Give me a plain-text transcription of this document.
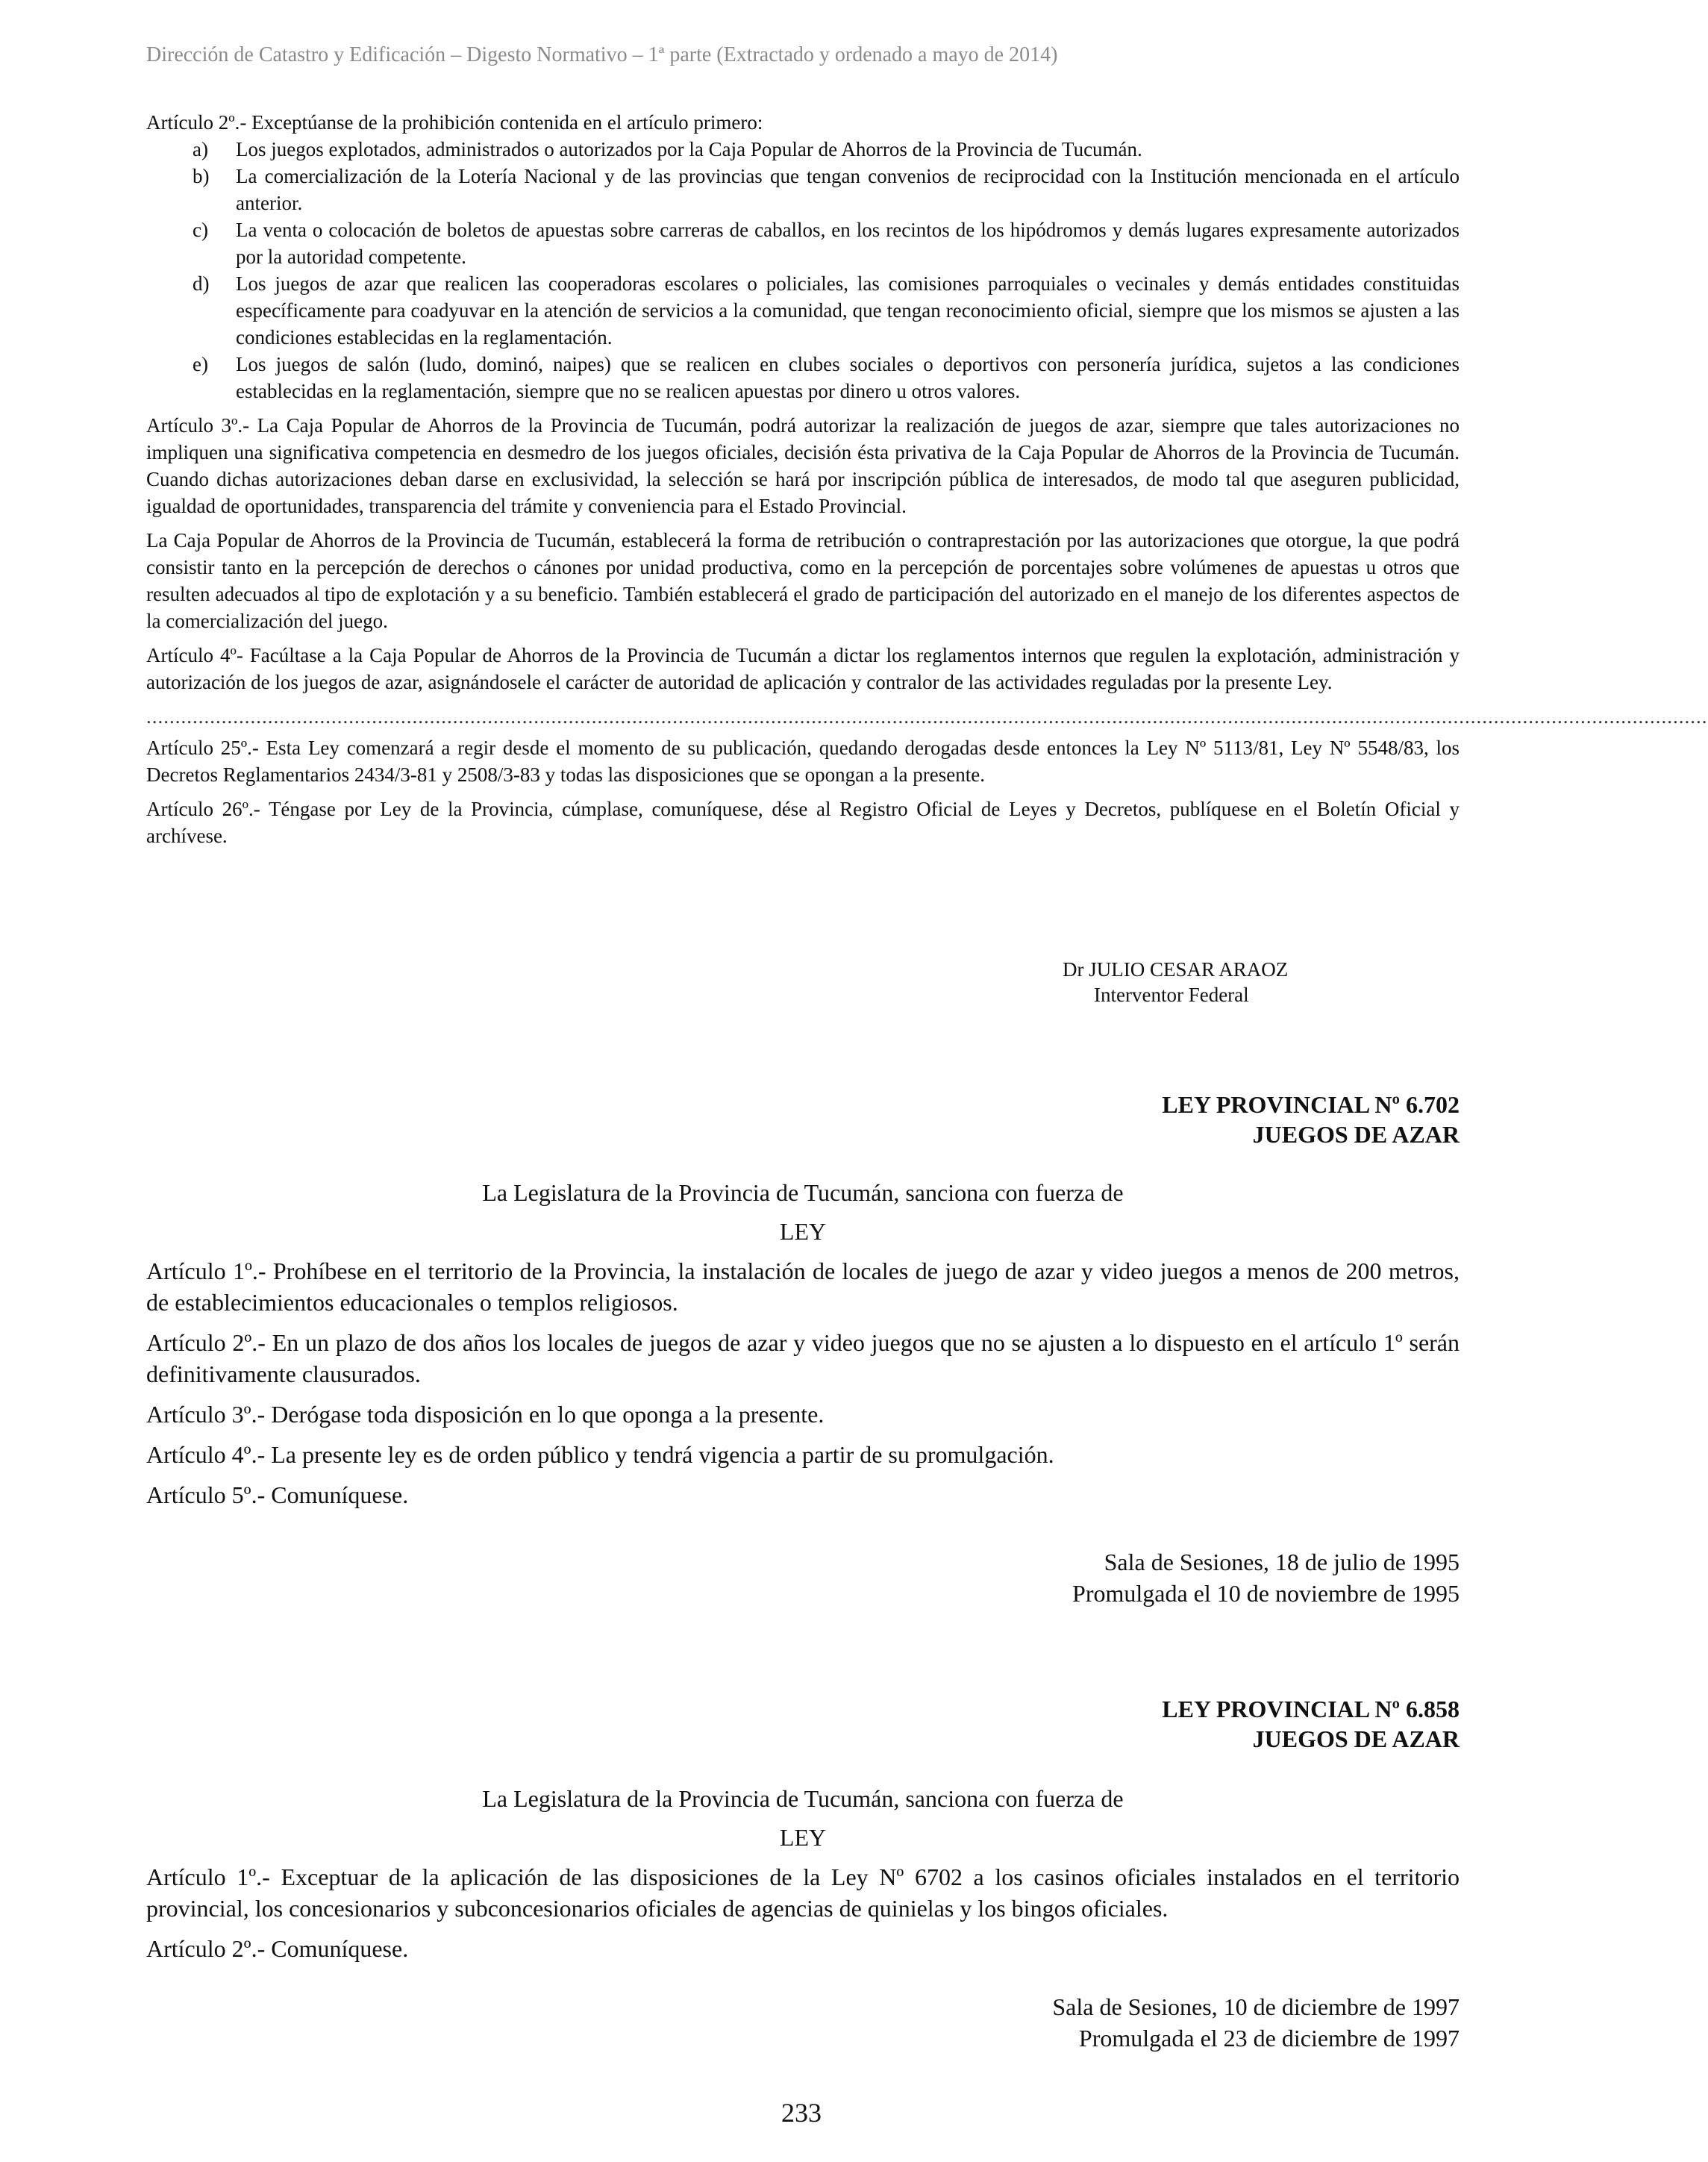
Dirección de Catastro y Edificación – Digesto Normativo – 1ª parte (Extractado y ordenado a mayo de 2014)

Artículo 2º.- Exceptúanse de la prohibición contenida en el artículo primero:

a)	Los juegos explotados, administrados o autorizados por la Caja Popular de Ahorros de la Provincia de Tucumán.
b)	La comercialización de la Lotería Nacional y de las provincias que tengan convenios de reciprocidad con la Institución mencionada en el artículo anterior.
c)	La venta o colocación de boletos de apuestas sobre carreras de caballos, en los recintos de los hipódromos y demás lugares expresamente autorizados por la autoridad competente.
d)	Los juegos de azar que realicen las cooperadoras escolares o policiales, las comisiones parroquiales o vecinales y demás entidades constituidas específicamente para coadyuvar en la atención de servicios a la comunidad, que tengan reconocimiento oficial, siempre que los mismos se ajusten a las condiciones establecidas en la reglamentación.
e)	Los juegos de salón (ludo, dominó, naipes) que se realicen en clubes sociales o deportivos con personería jurídica, sujetos a las condiciones establecidas en la reglamentación, siempre que no se realicen apuestas por dinero u otros valores.

Artículo 3º.- La Caja Popular de Ahorros de la Provincia de Tucumán, podrá autorizar la realización de juegos de azar, siempre que tales autorizaciones no impliquen una significativa competencia en desmedro de los juegos oficiales, decisión ésta privativa de la Caja Popular de Ahorros de la Provincia de Tucumán. Cuando dichas autorizaciones deban darse en exclusividad, la selección se hará por inscripción pública de interesados, de modo tal que aseguren publicidad, igualdad de oportunidades, transparencia del trámite y conveniencia para el Estado Provincial.

La Caja Popular de Ahorros de la Provincia de Tucumán, establecerá la forma de retribución o contraprestación por las autorizaciones que otorgue, la que podrá consistir tanto en la percepción de derechos o cánones por unidad productiva, como en la percepción de porcentajes sobre volúmenes de apuestas u otros que resulten adecuados al tipo de explotación y a su beneficio. También establecerá el grado de participación del autorizado en el manejo de los diferentes aspectos de la comercialización del juego.

Artículo 4º- Facúltase a la Caja Popular de Ahorros de la Provincia de Tucumán a dictar los reglamentos internos que regulen la explotación, administración y autorización de los juegos de azar, asignándosele el carácter de autoridad de aplicación y contralor de las actividades reguladas por la presente Ley.

..............................................................................................................................................................................................................................................................................

Artículo 25º.- Esta Ley comenzará a regir desde el momento de su publicación, quedando derogadas desde entonces la Ley Nº 5113/81, Ley Nº 5548/83, los Decretos Reglamentarios 2434/3-81 y 2508/3-83 y todas las disposiciones que se opongan a la presente.

Artículo 26º.- Téngase por Ley de la Provincia, cúmplase, comuníquese, dése al Registro Oficial de Leyes y Decretos, publíquese en el Boletín Oficial y archívese.

Dr JULIO CESAR ARAOZ
Interventor Federal
LEY PROVINCIAL Nº 6.702
JUEGOS DE AZAR
La Legislatura de la Provincia de Tucumán, sanciona con fuerza de
LEY

Artículo 1º.- Prohíbese en el territorio de la Provincia, la instalación de locales de juego de azar y video juegos a menos de 200 metros, de establecimientos educacionales o templos religiosos.

Artículo 2º.- En un plazo de dos años los locales de juegos de azar y video juegos que no se ajusten a lo dispuesto en el artículo 1º serán definitivamente clausurados.

Artículo 3º.- Derógase toda disposición en lo que oponga a la presente.

Artículo 4º.- La presente ley es de orden público y tendrá vigencia a partir de su promulgación.

Artículo 5º.- Comuníquese.

Sala de Sesiones, 18 de julio de 1995
Promulgada el 10 de noviembre de 1995
LEY PROVINCIAL Nº 6.858
JUEGOS DE AZAR
La Legislatura de la Provincia de Tucumán, sanciona con fuerza de
LEY

Artículo 1º.- Exceptuar de la aplicación de las disposiciones de la Ley Nº 6702 a los casinos oficiales instalados en el territorio provincial, los concesionarios y subconcesionarios oficiales de agencias de quinielas y los bingos oficiales.

Artículo 2º.- Comuníquese.

Sala de Sesiones, 10 de diciembre de 1997
Promulgada el 23 de diciembre de 1997
233
